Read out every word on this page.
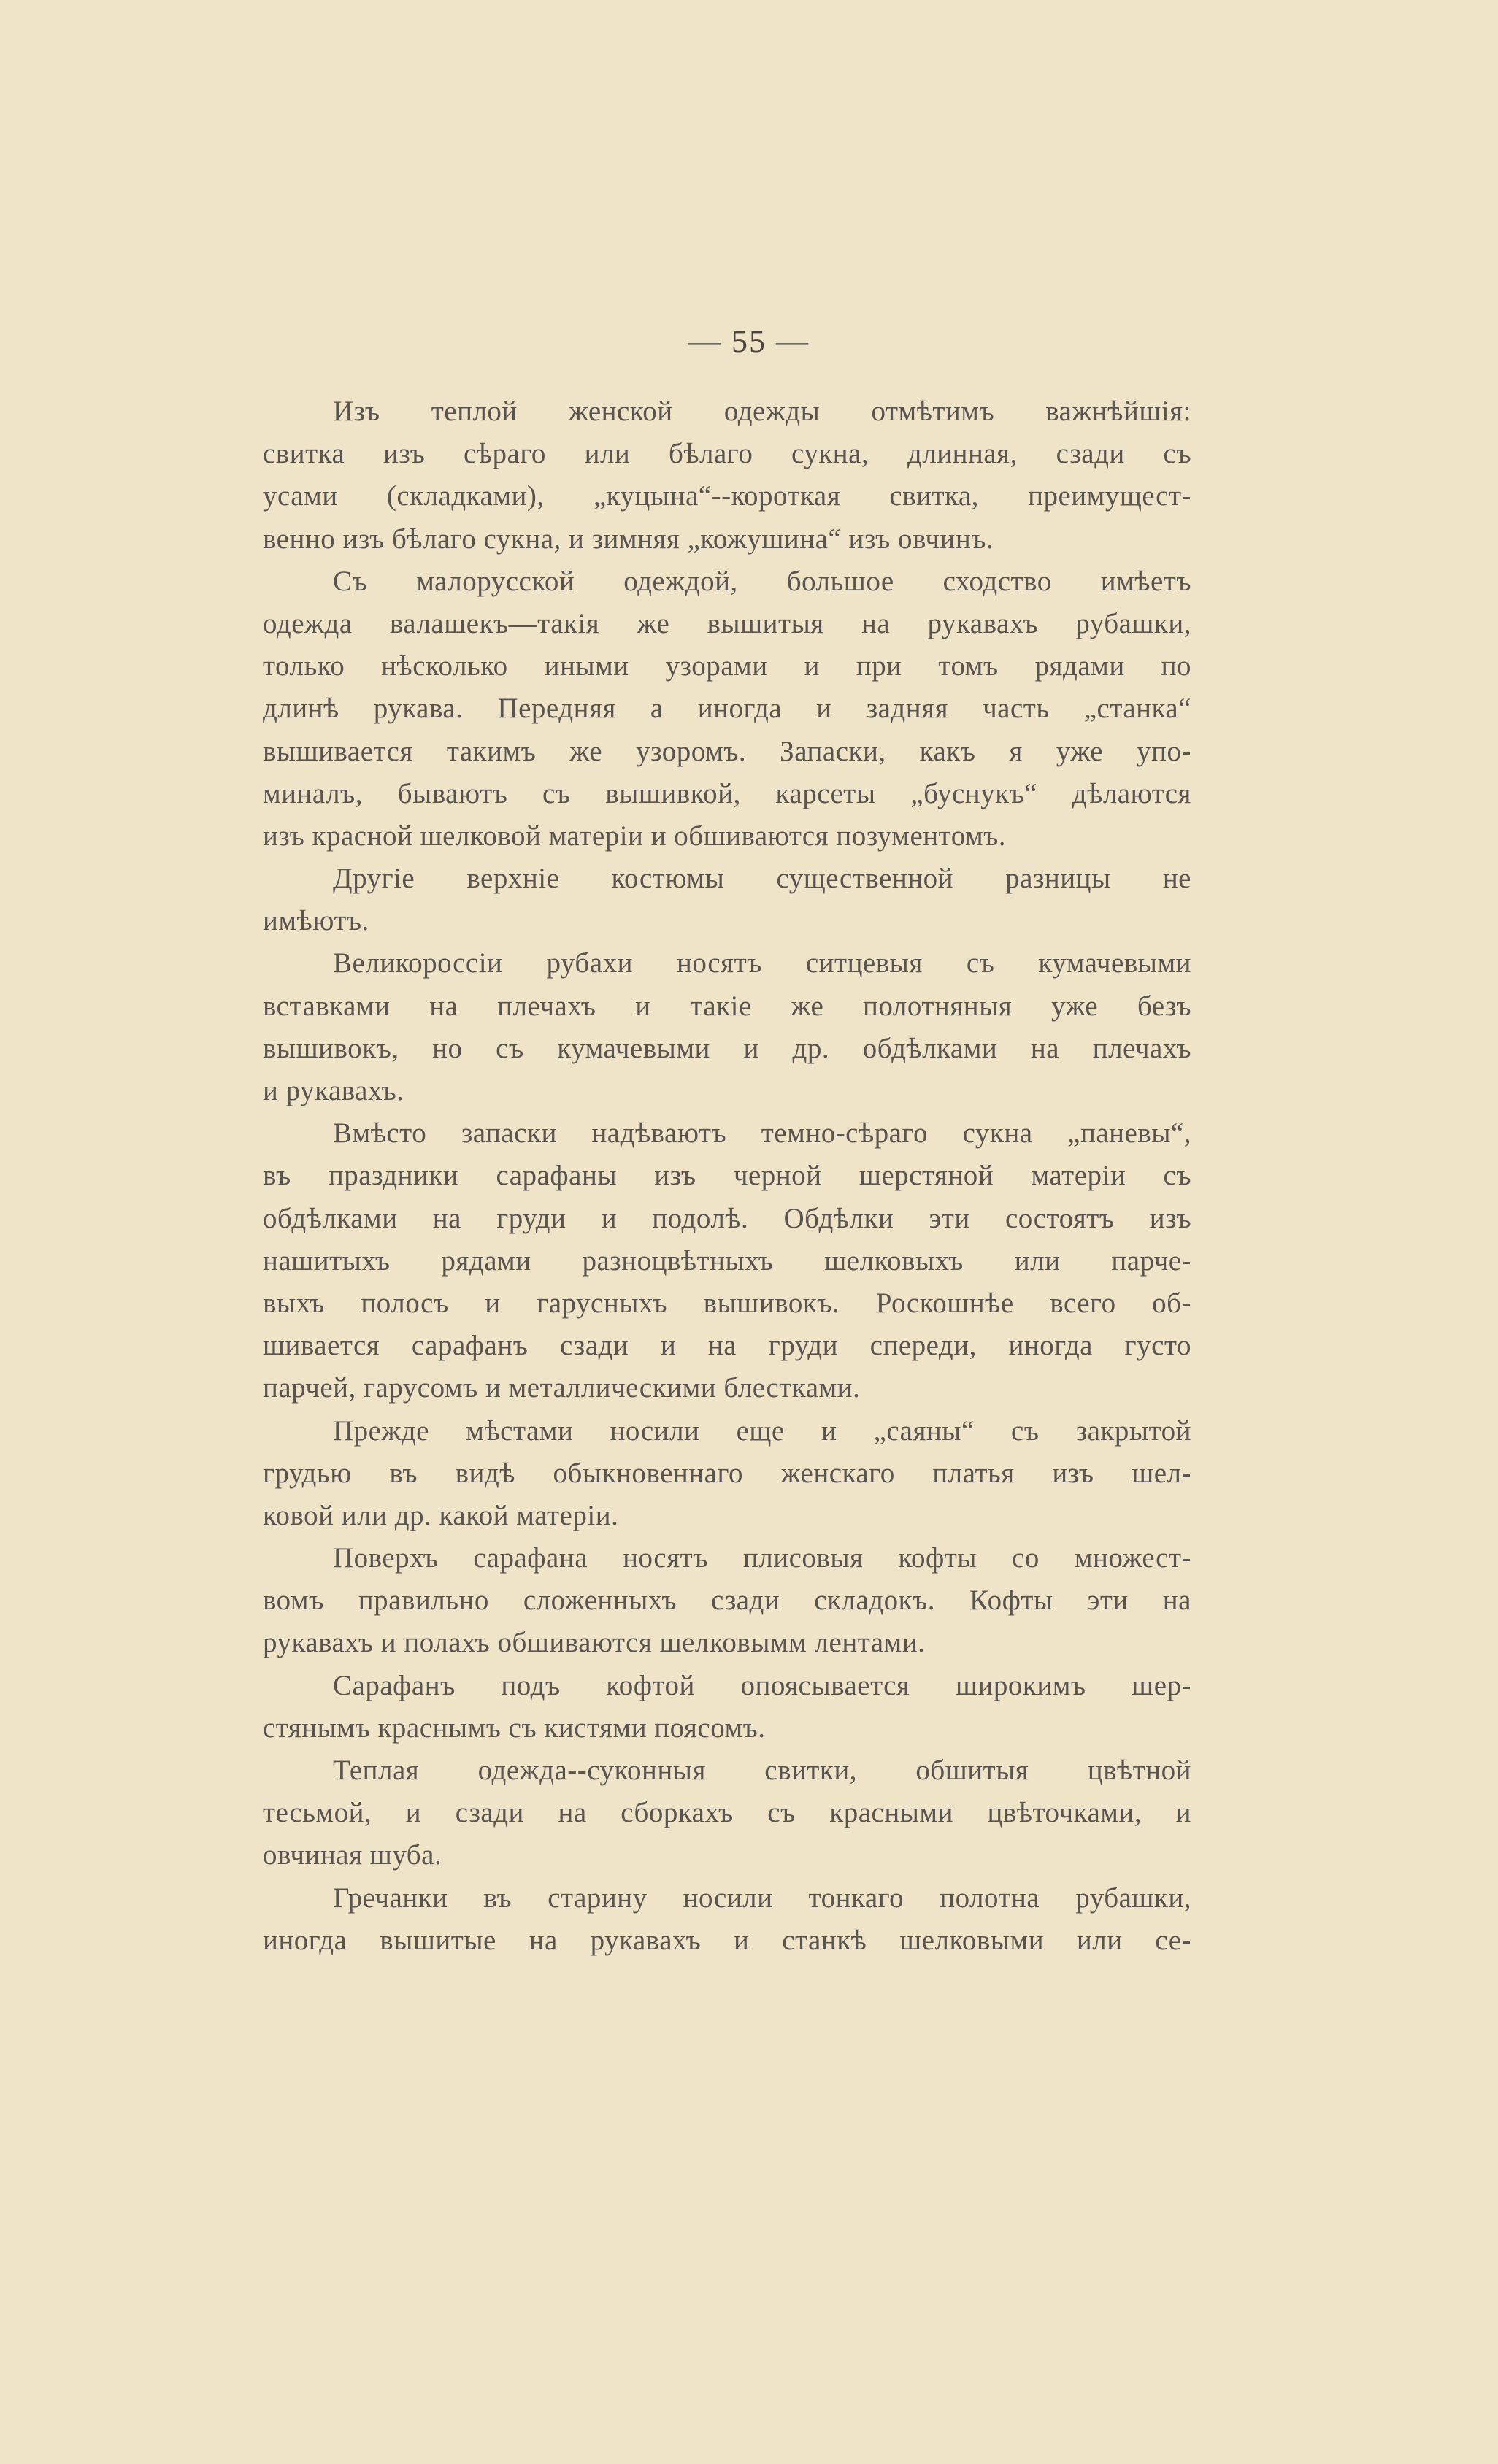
— 55 —
Изъ теплой женской одежды отмѣтимъ важнѣйшія:
свитка изъ сѣраго или бѣлаго сукна, длинная, сзади съ
усами (складками), „куцына“--короткая свитка, преимущест-
венно изъ бѣлаго сукна, и зимняя „кожушина“ изъ овчинъ.
Съ малорусской одеждой, большое сходство имѣетъ
одежда валашекъ—такія же вышитыя на рукавахъ рубашки,
только нѣсколько иными узорами и при томъ рядами по
длинѣ рукава. Передняя а иногда и задняя часть „станка“
вышивается такимъ же узоромъ. Запаски, какъ я уже упо-
миналъ, бываютъ съ вышивкой, карсеты „буснукъ“ дѣлаются
изъ красной шелковой матеріи и обшиваются позументомъ.
Другіе верхніе костюмы существенной разницы не
имѣютъ.
Великороссіи рубахи носятъ ситцевыя съ кумачевыми
вставками на плечахъ и такіе же полотняныя уже безъ
вышивокъ, но съ кумачевыми и др. обдѣлками на плечахъ
и рукавахъ.
Вмѣсто запаски надѣваютъ темно-сѣраго сукна „паневы“,
въ праздники сарафаны изъ черной шерстяной матеріи съ
обдѣлками на груди и подолѣ. Обдѣлки эти состоятъ изъ
нашитыхъ рядами разноцвѣтныхъ шелковыхъ или парче-
выхъ полосъ и гарусныхъ вышивокъ. Роскошнѣе всего об-
шивается сарафанъ сзади и на груди спереди, иногда густо
парчей, гарусомъ и металлическими блестками.
Прежде мѣстами носили еще и „саяны“ съ закрытой
грудью въ видѣ обыкновеннаго женскаго платья изъ шел-
ковой или др. какой матеріи.
Поверхъ сарафана носятъ плисовыя кофты со множест-
вомъ правильно сложенныхъ сзади складокъ. Кофты эти на
рукавахъ и полахъ обшиваются шелковымм лентами.
Сарафанъ подъ кофтой опоясывается широкимъ шер-
стянымъ краснымъ съ кистями поясомъ.
Теплая одежда--суконныя свитки, обшитыя цвѣтной
тесьмой, и сзади на сборкахъ съ красными цвѣточками, и
овчиная шуба.
Гречанки въ старину носили тонкаго полотна рубашки,
иногда вышитые на рукавахъ и станкѣ шелковыми или се-
